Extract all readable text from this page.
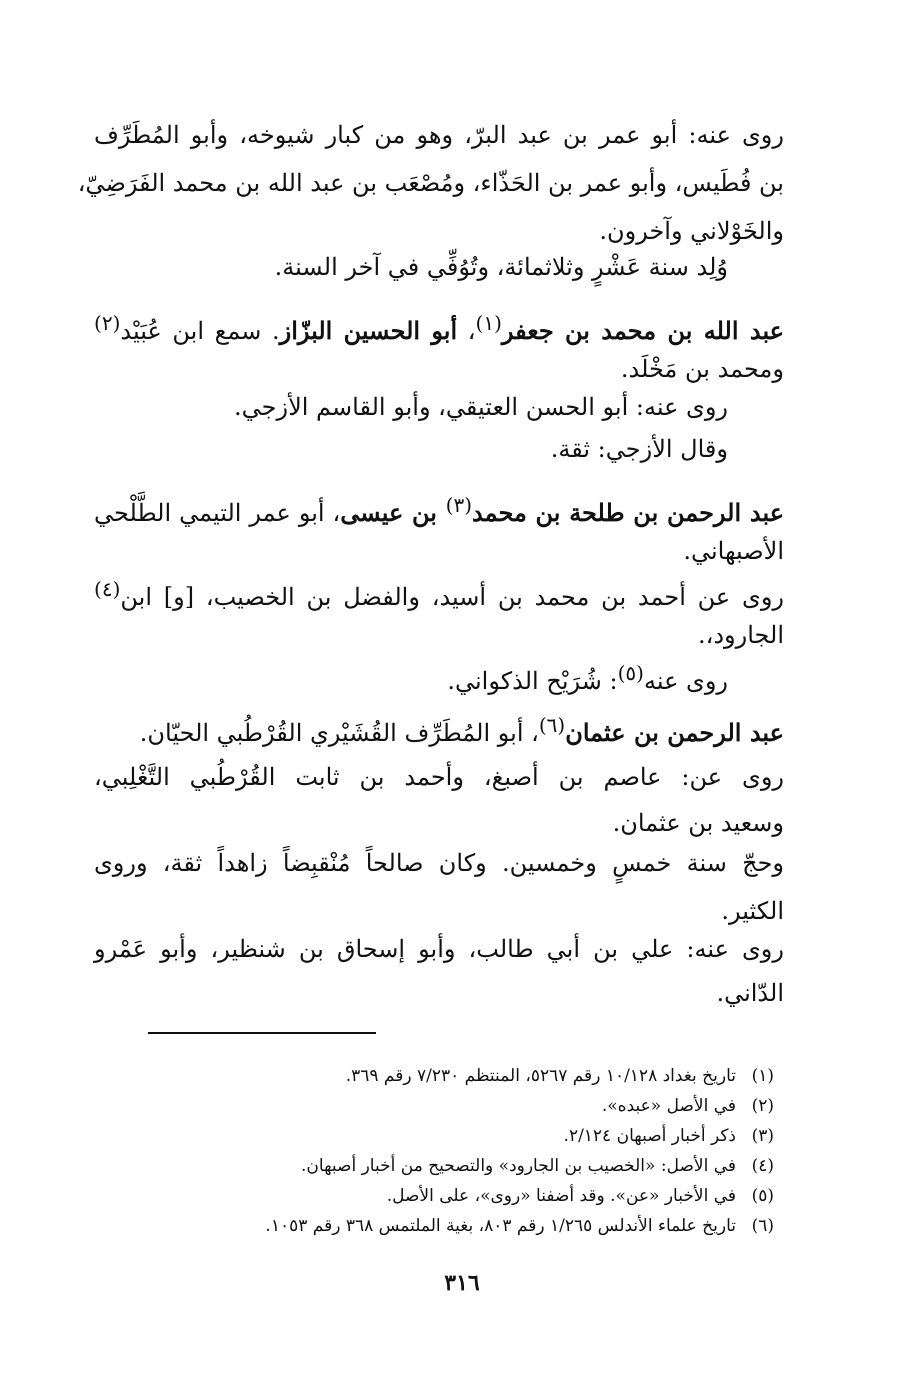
روى عنه: أبو عمر بن عبد البرّ، وهو من كبار شيوخه، وأبو المُطَرِّف
بن فُطَيس، وأبو عمر بن الحَذّاء، ومُصْعَب بن عبد الله بن محمد الفَرَضِيّ،
والخَوْلاني وآخرون.
وُلِد سنة عَشْرٍ وثلاثمائة، وتُوُفِّي في آخر السنة.
عبد الله بن محمد بن جعفر$^{(١)}$، أبو الحسين البزّاز. سمع ابن عُبَيْد$^{(٢)}$
ومحمد بن مَخْلَد.
روى عنه: أبو الحسن العتيقي، وأبو القاسم الأزجي.
وقال الأزجي: ثقة.
عبد الرحمن بن طلحة بن محمد$^{(٣)}$ بن عيسى، أبو عمر التيمي الطَّلْحي
الأصبهاني.
روى عن أحمد بن محمد بن أسيد، والفضل بن الخصيب، [و] ابن$^{(٤)}$
الجارود،.
روى عنه$^{(٥)}$: شُرَيْح الذكواني.
عبد الرحمن بن عثمان$^{(٦)}$، أبو المُطَرِّف القُشَيْري القُرْطُبي الحيّان.
روى عن: عاصم بن أصبغ، وأحمد بن ثابت القُرْطُبي التَّغْلِبي،
وسعيد بن عثمان.
وحجّ سنة خمسٍ وخمسين. وكان صالحاً مُنْقبِضاً زاهداً ثقة، وروى
الكثير.
روى عنه: علي بن أبي طالب، وأبو إسحاق بن شنظير، وأبو عَمْرو
الدّاني.
(١)تاريخ بغداد ١٠/١٢٨ رقم ٥٢٦٧، المنتظم ٧/٢٣٠ رقم ٣٦٩.
(٢)في الأصل «عبده».
(٣)ذكر أخبار أصبهان ٢/١٢٤.
(٤)في الأصل: «الخصيب بن الجارود» والتصحيح من أخبار أصبهان.
(٥)في الأخبار «عن». وقد أضفنا «روى»، على الأصل.
(٦)تاريخ علماء الأندلس ١/٢٦٥ رقم ٨٠٣، بغية الملتمس ٣٦٨ رقم ١٠٥٣.
٣١٦
